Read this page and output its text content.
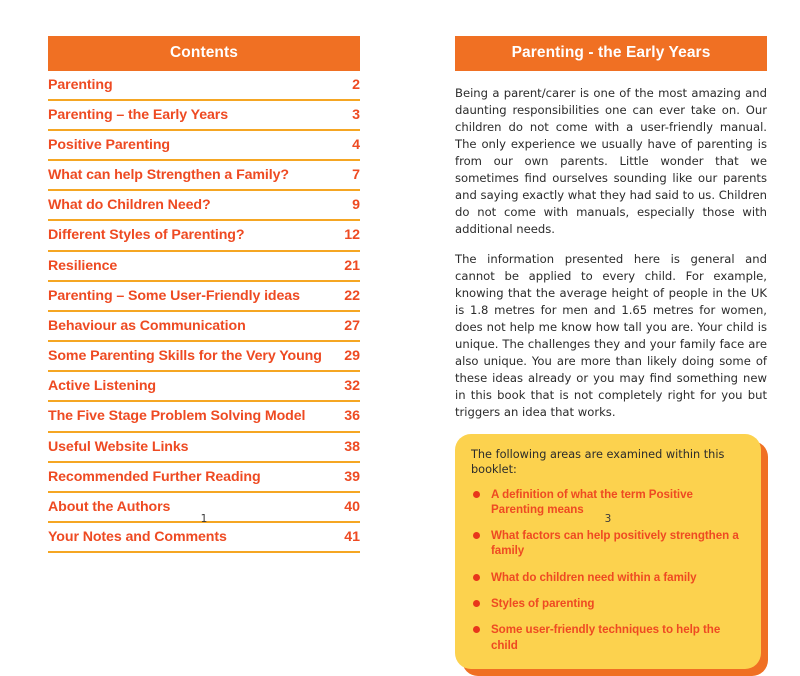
Contents
Parenting	2
Parenting – the Early Years	3
Positive Parenting	4
What can help Strengthen a Family?	7
What do Children Need?	9
Different Styles of Parenting?	12
Resilience	21
Parenting – Some User-Friendly ideas	22
Behaviour as Communication	27
Some Parenting Skills for the Very Young	29
Active Listening	32
The Five Stage Problem Solving Model	36
Useful Website Links	38
Recommended Further Reading	39
About the Authors	40
Your Notes and Comments	41
1
Parenting - the Early Years

Being a parent/carer is one of the most amazing and daunting responsibilities one can ever take on. Our children do not come with a user-friendly manual. The only experience we usually have of parenting is from our own parents. Little wonder that we sometimes find ourselves sounding like our parents and saying exactly what they had said to us. Children do not come with manuals, especially those with additional needs.

The information presented here is general and cannot be applied to every child. For example, knowing that the average height of people in the UK is 1.8 metres for men and 1.65 metres for women, does not help me know how tall you are. Your child is unique. The challenges they and your family face are also unique. You are more than likely doing some of these ideas already or you may find something new in this book that is not completely right for you but triggers an idea that works.

The following areas are examined within this booklet:
A definition of what the term Positive Parenting means
What factors can help positively strengthen a family
What do children need within a family
Styles of parenting
Some user-friendly techniques to help the child
3
